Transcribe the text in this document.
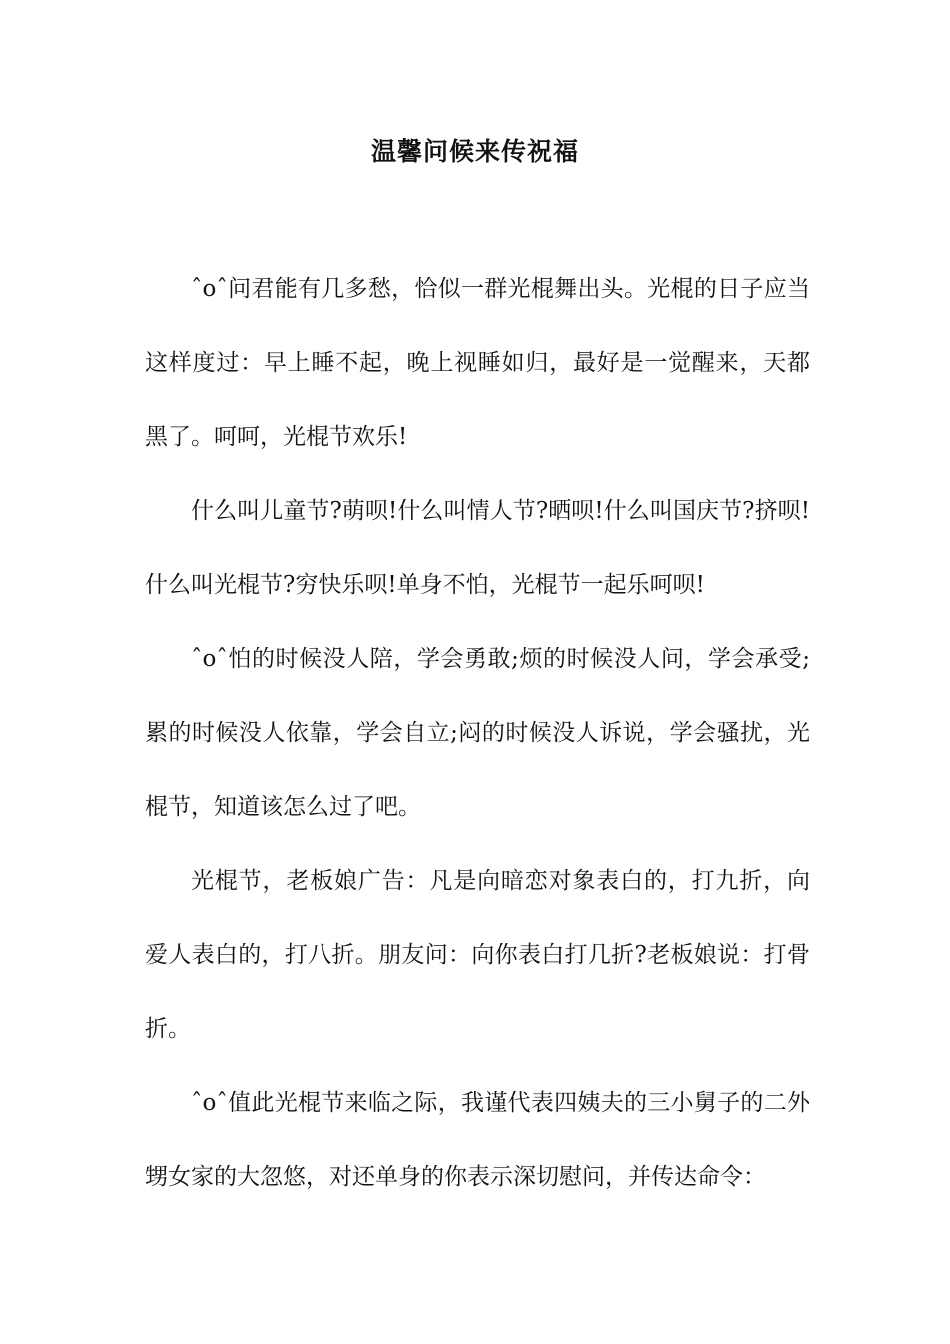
温馨问候来传祝福

ˆoˆ问君能有几多愁，恰似一群光棍舞出头。光棍的日子应当这样度过：早上睡不起，晚上视睡如归，最好是一觉醒来，天都黑了。呵呵，光棍节欢乐!

什么叫儿童节?萌呗!什么叫情人节?晒呗!什么叫国庆节?挤呗!什么叫光棍节?穷快乐呗!单身不怕，光棍节一起乐呵呗!

ˆoˆ怕的时候没人陪，学会勇敢;烦的时候没人问，学会承受;累的时候没人依靠，学会自立;闷的时候没人诉说，学会骚扰，光棍节，知道该怎么过了吧。

光棍节，老板娘广告：凡是向暗恋对象表白的，打九折，向爱人表白的，打八折。朋友问：向你表白打几折?老板娘说：打骨折。

ˆoˆ值此光棍节来临之际，我谨代表四姨夫的三小舅子的二外甥女家的大忽悠，对还单身的你表示深切慰问，并传达命令：
